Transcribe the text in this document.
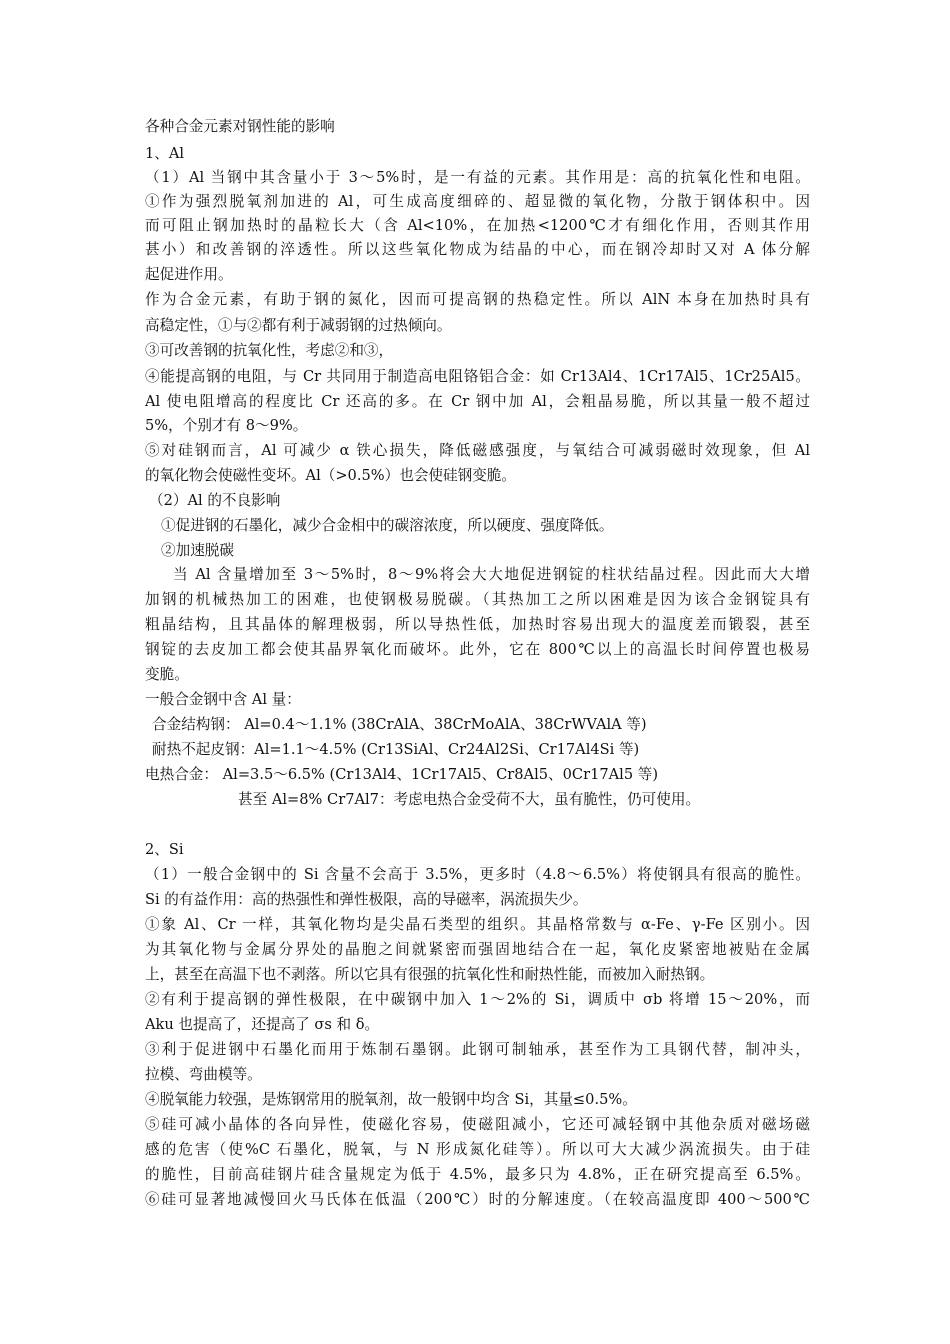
各种合金元素对钢性能的影响
1、Al
（1）Al 当钢中其含量小于 3～5%时，是一有益的元素。其作用是：高的抗氧化性和电阻。
①作为强烈脱氧剂加进的 Al，可生成高度细碎的、超显微的氧化物，分散于钢体积中。因
而可阻止钢加热时的晶粒长大（含 Al<10%，在加热<1200℃才有细化作用，否则其作用
甚小）和改善钢的淬透性。所以这些氧化物成为结晶的中心，而在钢冷却时又对 A 体分解
起促进作用。
作为合金元素，有助于钢的氮化，因而可提高钢的热稳定性。所以 AlN 本身在加热时具有
高稳定性，①与②都有利于减弱钢的过热倾向。
③可改善钢的抗氧化性，考虑②和③，
④能提高钢的电阻，与 Cr 共同用于制造高电阻铬铝合金：如 Cr13Al4、1Cr17Al5、1Cr25Al5。
Al 使电阻增高的程度比 Cr 还高的多。在 Cr 钢中加 Al，会粗晶易脆，所以其量一般不超过
5%，个别才有 8～9%。
⑤对硅钢而言，Al 可减少 α 铁心损失，降低磁感强度，与氧结合可减弱磁时效现象，但 Al
的氧化物会使磁性变坏。Al（>0.5%）也会使硅钢变脆。
（2）Al 的不良影响
①促进钢的石墨化，减少合金相中的碳溶浓度，所以硬度、强度降低。
②加速脱碳
当 Al 含量增加至 3～5%时，8～9%将会大大地促进钢锭的柱状结晶过程。因此而大大增
加钢的机械热加工的困难，也使钢极易脱碳。（其热加工之所以困难是因为该合金钢锭具有
粗晶结构，且其晶体的解理极弱，所以导热性低，加热时容易出现大的温度差而锻裂，甚至
钢锭的去皮加工都会使其晶界氧化而破坏。此外，它在 800℃以上的高温长时间停置也极易
变脆。
一般合金钢中含 Al 量：
合金结构钢： Al=0.4～1.1% (38CrAlA、38CrMoAlA、38CrWVAlA 等)
耐热不起皮钢：Al=1.1～4.5% (Cr13SiAl、Cr24Al2Si、Cr17Al4Si 等)
电热合金： Al=3.5～6.5% (Cr13Al4、1Cr17Al5、Cr8Al5、0Cr17Al5 等)
甚至 Al=8% Cr7Al7：考虑电热合金受荷不大，虽有脆性，仍可使用。
2、Si
（1）一般合金钢中的 Si 含量不会高于 3.5%，更多时（4.8～6.5%）将使钢具有很高的脆性。
Si 的有益作用：高的热强性和弹性极限，高的导磁率，涡流损失少。
①象 Al、Cr 一样，其氧化物均是尖晶石类型的组织。其晶格常数与 α-Fe、γ-Fe 区别小。因
为其氧化物与金属分界处的晶胞之间就紧密而强固地结合在一起，氧化皮紧密地被贴在金属
上，甚至在高温下也不剥落。所以它具有很强的抗氧化性和耐热性能，而被加入耐热钢。
②有利于提高钢的弹性极限，在中碳钢中加入 1～2%的 Si，调质中 σb 将增 15～20%，而
Aku 也提高了，还提高了 σs 和 δ。
③利于促进钢中石墨化而用于炼制石墨钢。此钢可制轴承，甚至作为工具钢代替，制冲头，
拉模、弯曲模等。
④脱氧能力较强，是炼钢常用的脱氧剂，故一般钢中均含 Si，其量≤0.5%。
⑤硅可减小晶体的各向异性，使磁化容易，使磁阻减小，它还可减轻钢中其他杂质对磁场磁
感的危害（使%C 石墨化，脱氧，与 N 形成氮化硅等）。所以可大大减少涡流损失。由于硅
的脆性，目前高硅钢片硅含量规定为低于 4.5%，最多只为 4.8%，正在研究提高至 6.5%。
⑥硅可显著地减慢回火马氏体在低温（200℃）时的分解速度。（在较高温度即 400～500℃
